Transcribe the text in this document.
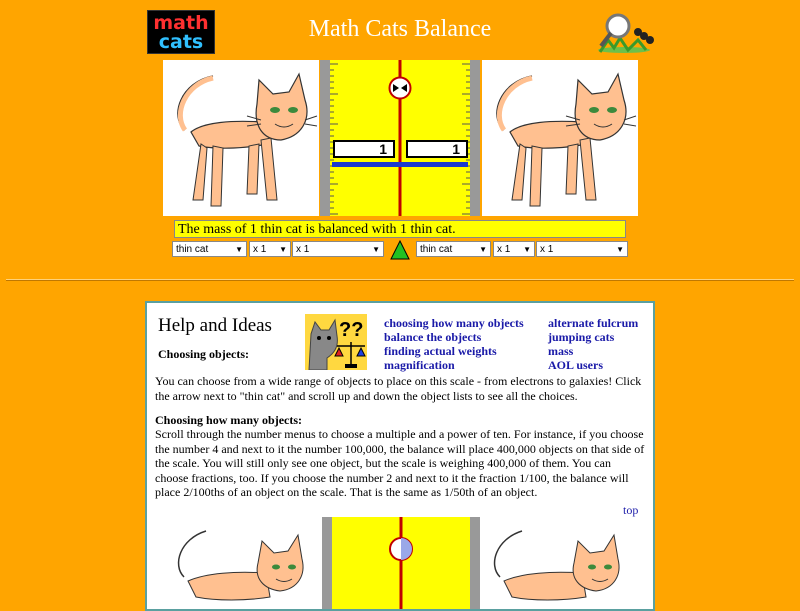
math
cats	Math Cats Balance
1	1
The mass of 1 thin cat is balanced with 1 thin cat.
thin cat	▼	x 1 ▼ x 1	▼	thin cat	▼	x 1 ▼ x 1	▼
Help and Ideas
Choosing objects:
?? choosing how many objects
balance the objects
finding actual weights
magnification
alternate fulcrum
jumping cats
mass
AOL users
You can choose from a wide range of objects to place on this scale - from electrons to galaxies! Click the arrow next to "thin cat" and scroll up and down the object lists to see all the choices.
Choosing how many objects:
Scroll through the number menus to choose a multiple and a power of ten. For instance, if you choose the number 4 and next to it the number 100,000, the balance will place 400,000 objects on that side of the scale. You will still only see one object, but the scale is weighing 400,000 of them. You can choose fractions, too. If you choose the number 2 and next to it the fraction 1/100, the balance will place 2/100ths of an object on the scale. That is the same as 1/50th of an object.
top
